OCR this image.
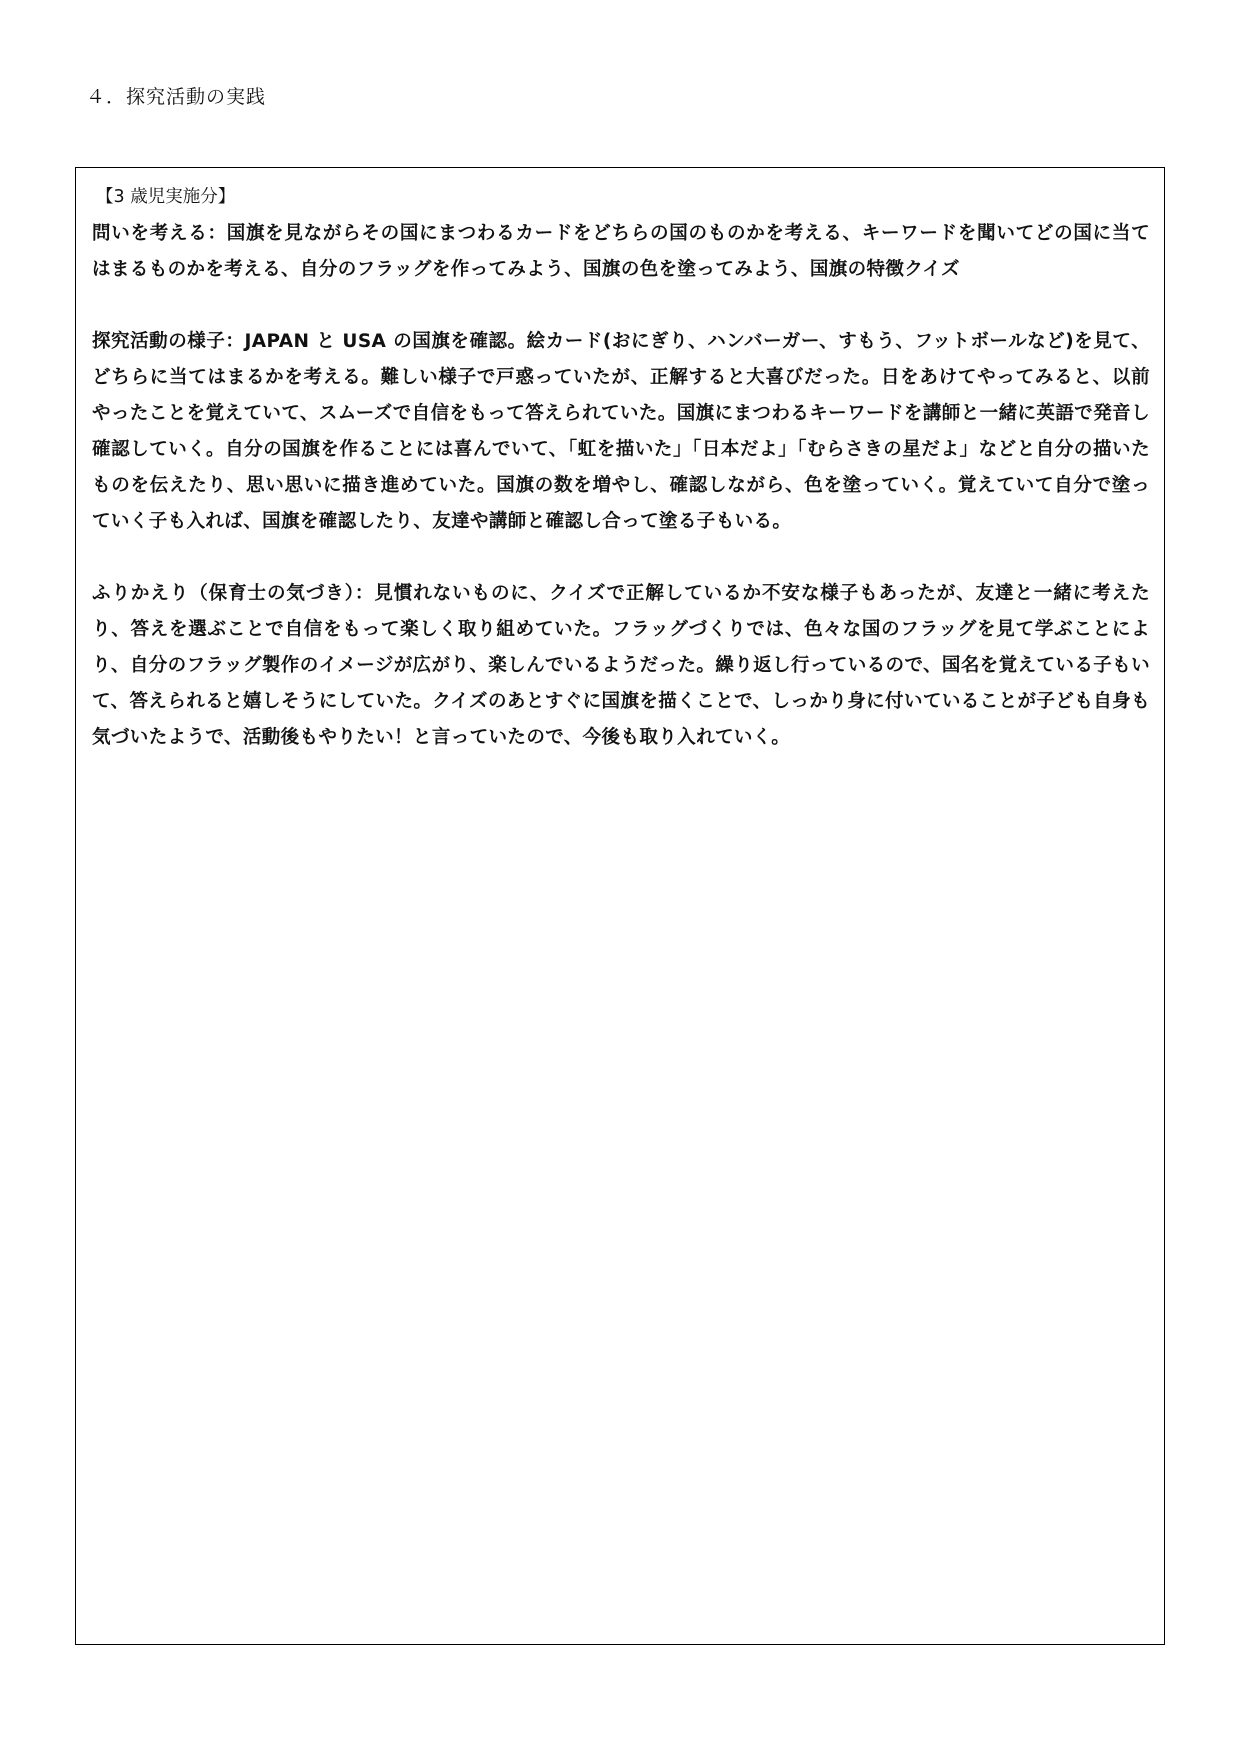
４．探究活動の実践

【3 歳児実施分】

問いを考える：国旗を見ながらその国にまつわるカードをどちらの国のものかを考える、キーワードを聞いてどの国に当てはまるものかを考える、自分のフラッグを作ってみよう、国旗の色を塗ってみよう、国旗の特徴クイズ

探究活動の様子：JAPAN と USA の国旗を確認。絵カード(おにぎり、ハンバーガー、すもう、フットボールなど)を見て、どちらに当てはまるかを考える。難しい様子で戸惑っていたが、正解すると大喜びだった。日をあけてやってみると、以前やったことを覚えていて、スムーズで自信をもって答えられていた。国旗にまつわるキーワードを講師と一緒に英語で発音し確認していく。自分の国旗を作ることには喜んでいて、「虹を描いた」「日本だよ」「むらさきの星だよ」などと自分の描いたものを伝えたり、思い思いに描き進めていた。国旗の数を増やし、確認しながら、色を塗っていく。覚えていて自分で塗っていく子も入れば、国旗を確認したり、友達や講師と確認し合って塗る子もいる。

ふりかえり（保育士の気づき）：見慣れないものに、クイズで正解しているか不安な様子もあったが、友達と一緒に考えたり、答えを選ぶことで自信をもって楽しく取り組めていた。フラッグづくりでは、色々な国のフラッグを見て学ぶことにより、自分のフラッグ製作のイメージが広がり、楽しんでいるようだった。繰り返し行っているので、国名を覚えている子もいて、答えられると嬉しそうにしていた。クイズのあとすぐに国旗を描くことで、しっかり身に付いていることが子ども自身も気づいたようで、活動後もやりたい！と言っていたので、今後も取り入れていく。
